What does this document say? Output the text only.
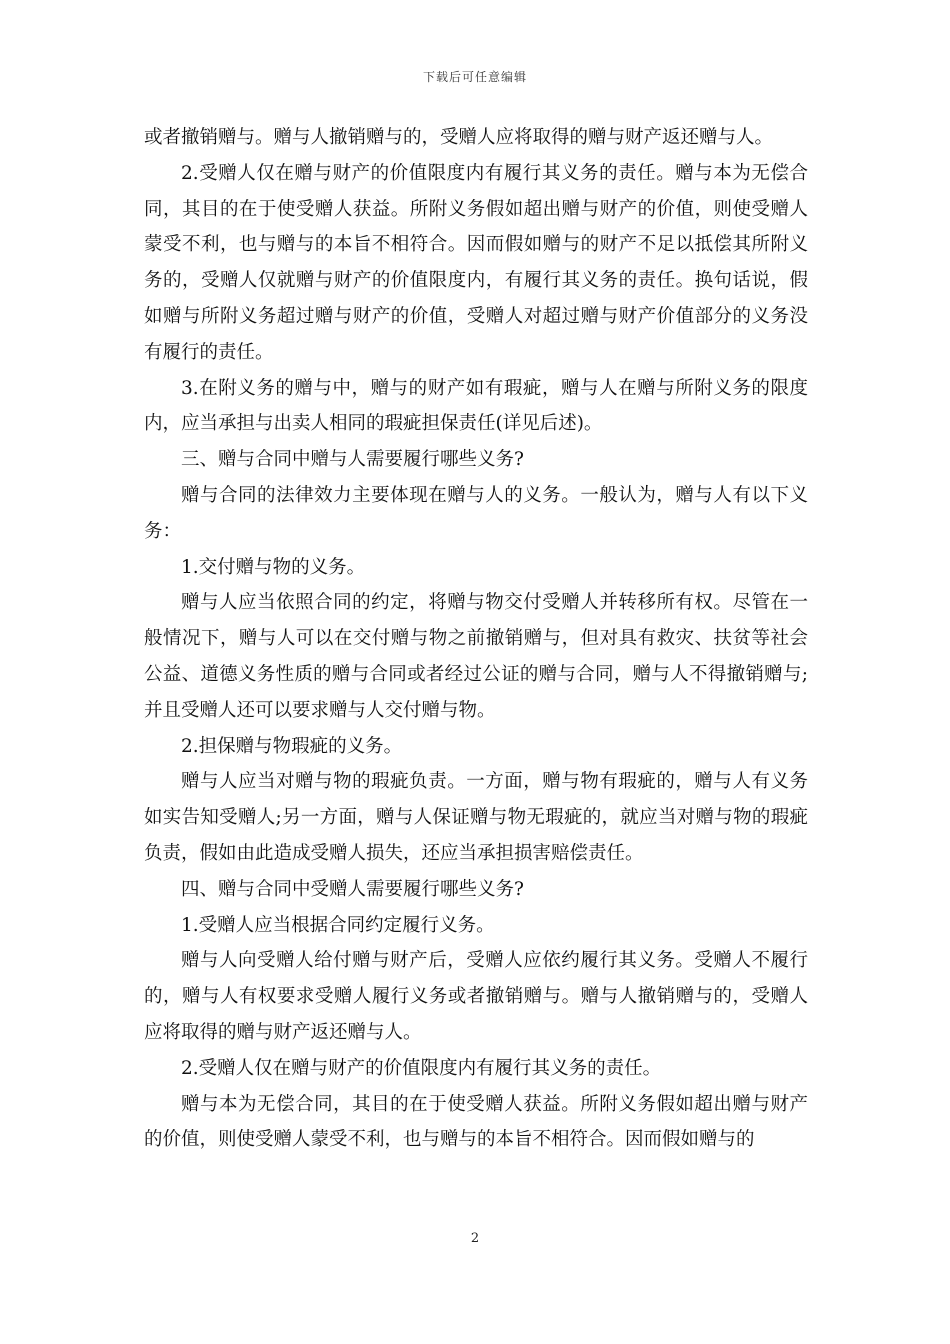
下载后可任意编辑

或者撤销赠与。赠与人撤销赠与的，受赠人应将取得的赠与财产返还赠与人。

2.受赠人仅在赠与财产的价值限度内有履行其义务的责任。赠与本为无偿合同，其目的在于使受赠人获益。所附义务假如超出赠与财产的价值，则使受赠人蒙受不利，也与赠与的本旨不相符合。因而假如赠与的财产不足以抵偿其所附义务的，受赠人仅就赠与财产的价值限度内，有履行其义务的责任。换句话说，假如赠与所附义务超过赠与财产的价值，受赠人对超过赠与财产价值部分的义务没有履行的责任。

3.在附义务的赠与中，赠与的财产如有瑕疵，赠与人在赠与所附义务的限度内，应当承担与出卖人相同的瑕疵担保责任(详见后述)。

三、赠与合同中赠与人需要履行哪些义务?

赠与合同的法律效力主要体现在赠与人的义务。一般认为，赠与人有以下义务：

1.交付赠与物的义务。

赠与人应当依照合同的约定，将赠与物交付受赠人并转移所有权。尽管在一般情况下，赠与人可以在交付赠与物之前撤销赠与，但对具有救灾、扶贫等社会公益、道德义务性质的赠与合同或者经过公证的赠与合同，赠与人不得撤销赠与;并且受赠人还可以要求赠与人交付赠与物。

2.担保赠与物瑕疵的义务。

赠与人应当对赠与物的瑕疵负责。一方面，赠与物有瑕疵的，赠与人有义务如实告知受赠人;另一方面，赠与人保证赠与物无瑕疵的，就应当对赠与物的瑕疵负责，假如由此造成受赠人损失，还应当承担损害赔偿责任。

四、赠与合同中受赠人需要履行哪些义务?

1.受赠人应当根据合同约定履行义务。

赠与人向受赠人给付赠与财产后，受赠人应依约履行其义务。受赠人不履行的，赠与人有权要求受赠人履行义务或者撤销赠与。赠与人撤销赠与的，受赠人应将取得的赠与财产返还赠与人。

2.受赠人仅在赠与财产的价值限度内有履行其义务的责任。

赠与本为无偿合同，其目的在于使受赠人获益。所附义务假如超出赠与财产的价值，则使受赠人蒙受不利，也与赠与的本旨不相符合。因而假如赠与的

2
